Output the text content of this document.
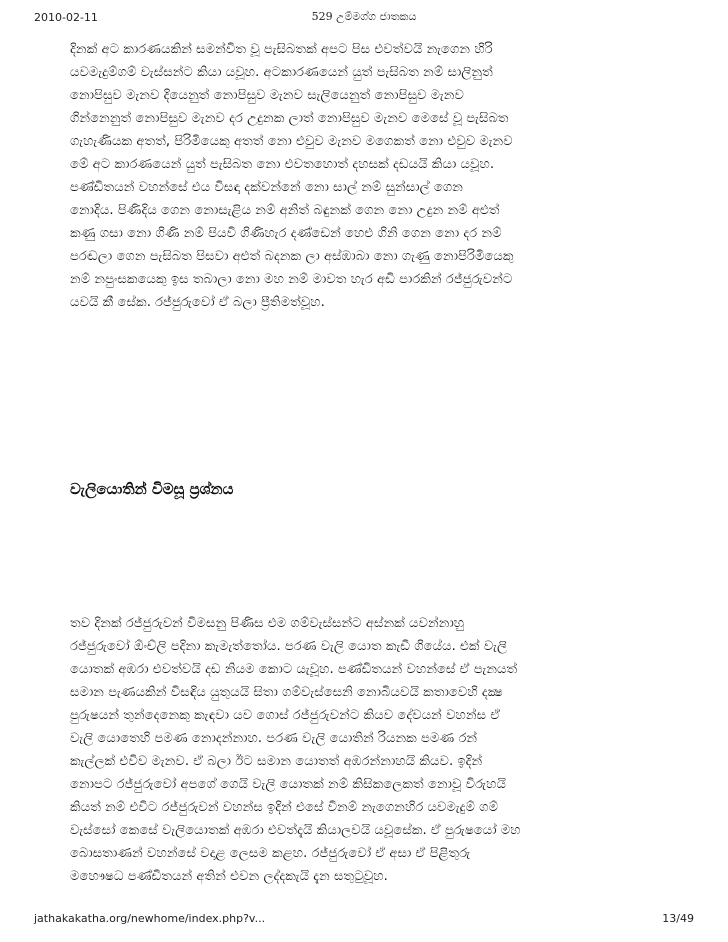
2010-02-11	529 උම්මග්ග ජාතකය
දිනක් අට කාරණයකින් සමන්විත වූ පැසිබතක් අපට පිස එවත්වයි නැගෙන හිරි
යවමැදුම්ගම් වැස්සන්ට කියා යවූහ. අටකාරණයෙන් යුත් පැසිබත නම් සාලිනුත්
නොපිසුව මැනව දියෙනුත් නොපිසුව මැනව සැලියෙනුත් නොපිසුව මැනව
ගින්නෙනුත් නොපිසුව මැනව දර උදුනක ලාත් නොපිසුව මැනව මෙසේ වූ පැසිබත
ගැහැණියක අතත්, පිරිමියෙකු අතත් නො එවුව මැනව මගෙකත් නො එවුව මැනව
මේ අට කාරණයෙන් යුත් පැසිබත නො එවතහොත් දහසක් දඩයයි කියා යවූහ.
පණ්ඩිතයන් වහන්සේ එය විසඳා දක්වන්නේ නො සාල් නම් සුන්සාල් ගෙන
නොදිය. පිණිදිය ගෙන නොසැළිය නම් අනිත් බඳුනක් ගෙන නො උදුන නම් අළුත්
කණු ගසා නො ගිණි නම් පියවි ගිණිහැර දණ්ඩෙන් හෙළු ගිනි ගෙන නො දර නම්
පරඬලා ගෙන පැසිබත පිසවා අළුත් බදනක ලා අස්ඹාබා නො ගැණු නොපිරිමියෙකු
නම් නපුංසකයෙකු ඉස තබාලා නො මහ නම් මාවත හැර අඩි පාරකින් රජ්ජුරුවන්ට
යවයි කී සේක. රජ්ජුරුවෝ ඒ බලා ප්‍රීතිමත්වූහ.
වැලියොතින් විමසූ ප්‍රශ්නය
තව දිනක් රජ්ජුරුවන් විමසනු පිණිස එම ගම්වැස්සන්ට අස්නක් යවන්නාහු
රජ්ජුරුවෝ ඕංච්ලි පදිනා කැමැත්තෝය. පරණ වැලි යොත කැඩී ගියේය. එක් වැලි
යොතක් අඹරා එවත්වයි දඩ නියම කොට යැවූහ. පණ්ඩිතයන් වහන්සේ ඒ පැනයත්
සමාන පැණයකින් විසඳිය යුතුයයි සිතා ගම්වැස්සෙනි නොබියවයි කතාවෙහි දක්‍ෂ
පුරුෂයන් තුන්දෙනෙකු කැඳවා යව ගොස් රජ්ජුරුවන්ට කියව දේවයන් වහන්ස ඒ
වැලි යොතෙහි පමණ නොදන්නාහ. පරණ වැලි යොතින් රියනක පමණ රන්
කැල්ලක් එවිව මැනව. ඒ බලා ඊට සමාන යොතත් අඹරන්නාහයි කියව. ඉදින්
නොපට රජ්ජුරුවෝ අපගේ ගෙයි වැලි යොතක් නම් කිසිකලෙකත් නොවූ විරුහයි
කියත් නම් එවිට රජ්ජුරුවන් වහන්ස ඉදින් එසේ විනම් නැගෙනහිර යවමැදුම් ගම්
වැස්සෝ කෙසේ වැලියොතක් අඹරා එවත්දැයි කියාලවයි යවූසේක. ඒ පුරුෂයෝ මහ
බොසතාණන් වහන්සේ වදාළ ලෙසම කළහ. රජ්ජුරුවෝ ඒ අසා ඒ පිළිතුරු
මහෞෂධ පණ්ඩිතයන් අතින් එවන ලද්දකැයි දැන සතුටුවූහ.
jathakakatha.org/newhome/index.php?v...	13/49
